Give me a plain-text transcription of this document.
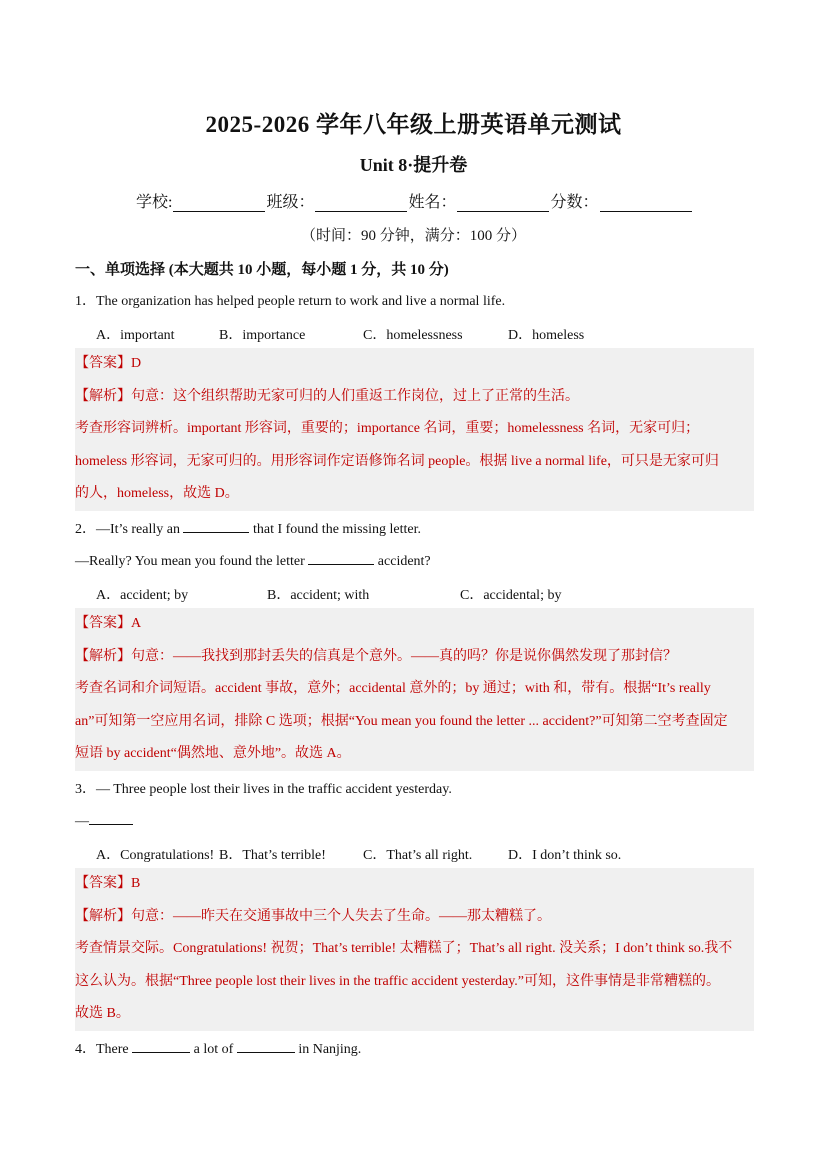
2025-2026 学年八年级上册英语单元测试
Unit 8·提升卷
学校:	班级：	姓名：	分数：
（时间：90 分钟，满分：100 分）
一、单项选择 (本大题共 10 小题，每小题 1 分，共 10 分)
1．The organization has helped people return to work and live a normal life.
A．important	B．importance	C．homelessness	D．homeless

【答案】D

【解析】句意：这个组织帮助无家可归的人们重返工作岗位，过上了正常的生活。

考查形容词辨析。important 形容词，重要的；importance 名词，重要；homelessness 名词，无家可归；

homeless 形容词，无家可归的。用形容词作定语修饰名词 people。根据 live a normal life，可只是无家可归

的人，homeless，故选 D。

2．—It’s really an	that I found the missing letter.
—Really? You mean you found the letter	accident?
A．accident; by	B．accident; with	C．accidental; by

【答案】A

【解析】句意：——我找到那封丢失的信真是个意外。——真的吗？你是说你偶然发现了那封信？

考查名词和介词短语。accident 事故，意外；accidental 意外的；by 通过；with 和，带有。根据“It’s really

an”可知第一空应用名词，排除 C 选项；根据“You mean you found the letter ... accident?”可知第二空考查固定

短语 by accident“偶然地、意外地”。故选 A。

3．— Three people lost their lives in the traffic accident yesterday.
—
A．Congratulations! B．That’s terrible!	C．That’s all right.	D．I don’t think so.

【答案】B

【解析】句意：——昨天在交通事故中三个人失去了生命。——那太糟糕了。

考查情景交际。Congratulations! 祝贺；That’s terrible! 太糟糕了；That’s all right. 没关系；I don’t think so.我不

这么认为。根据“Three people lost their lives in the traffic accident yesterday.”可知，这件事情是非常糟糕的。

故选 B。

4．There	a lot of	in Nanjing.
